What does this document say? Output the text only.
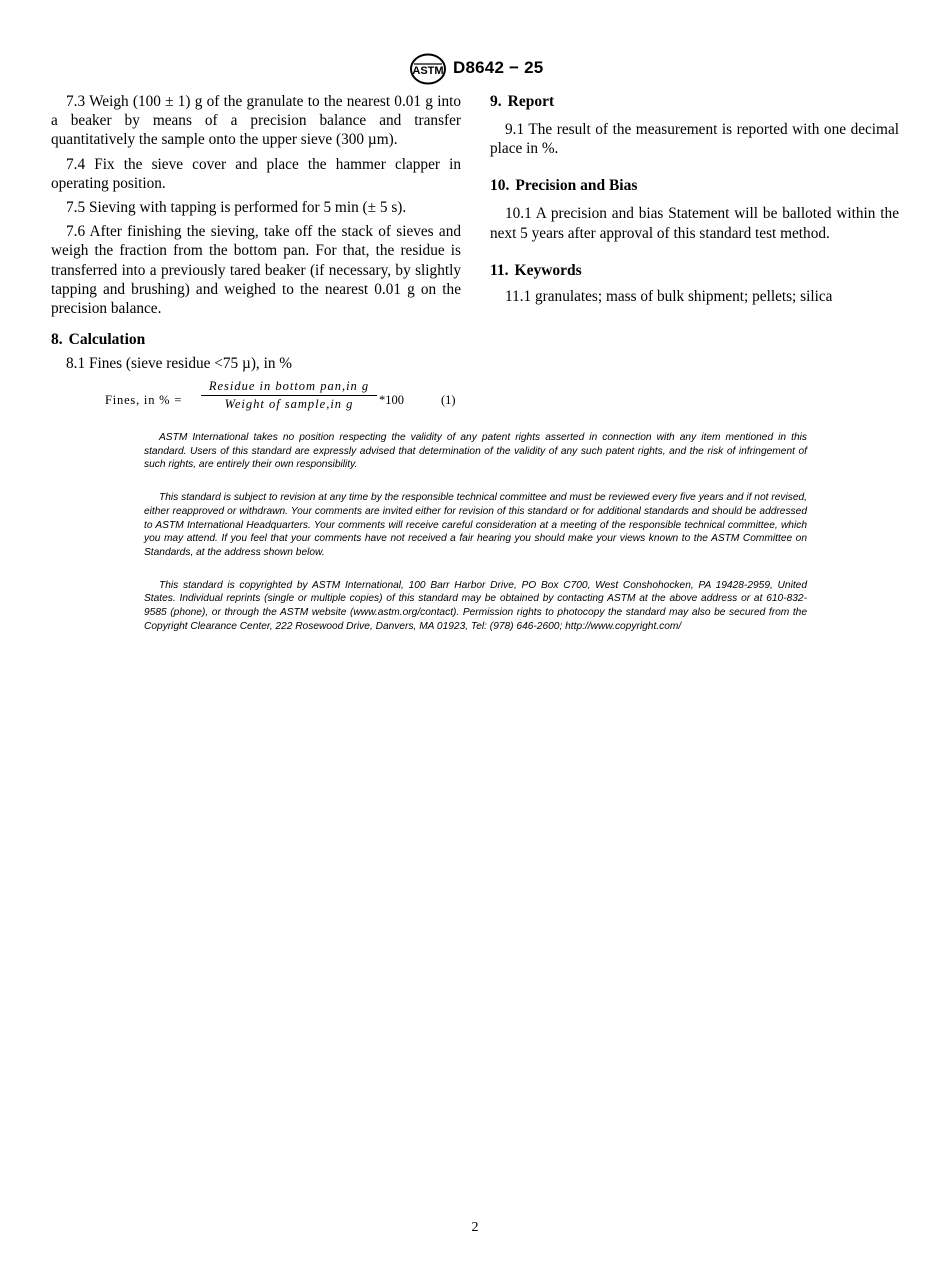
ASTM D8642 − 25

7.3 Weigh (100 ± 1) g of the granulate to the nearest 0.01 g into a beaker by means of a precision balance and transfer quantitatively the sample onto the upper sieve (300 µm).

7.4 Fix the sieve cover and place the hammer clapper in operating position.

7.5 Sieving with tapping is performed for 5 min (± 5 s).

7.6 After finishing the sieving, take off the stack of sieves and weigh the fraction from the bottom pan. For that, the residue is transferred into a previously tared beaker (if necessary, by slightly tapping and brushing) and weighed to the nearest 0.01 g on the precision balance.

8. Calculation

8.1 Fines (sieve residue <75 µ), in %

Fines, in % =
Residue in bottom pan,in g
Weight of sample,in g	*100	(1)
9. Report

9.1 The result of the measurement is reported with one decimal place in %.

10. Precision and Bias

10.1 A precision and bias Statement will be balloted within the next 5 years after approval of this standard test method.

11. Keywords

11.1 granulates; mass of bulk shipment; pellets; silica

ASTM International takes no position respecting the validity of any patent rights asserted in connection with any item mentioned in this standard. Users of this standard are expressly advised that determination of the validity of any such patent rights, and the risk of infringement of such rights, are entirely their own responsibility.

This standard is subject to revision at any time by the responsible technical committee and must be reviewed every five years and if not revised, either reapproved or withdrawn. Your comments are invited either for revision of this standard or for additional standards and should be addressed to ASTM International Headquarters. Your comments will receive careful consideration at a meeting of the responsible technical committee, which you may attend. If you feel that your comments have not received a fair hearing you should make your views known to the ASTM Committee on Standards, at the address shown below.

This standard is copyrighted by ASTM International, 100 Barr Harbor Drive, PO Box C700, West Conshohocken, PA 19428-2959, United States. Individual reprints (single or multiple copies) of this standard may be obtained by contacting ASTM at the above address or at 610-832-9585 (phone), or through the ASTM website (www.astm.org/contact). Permission rights to photocopy the standard may also be secured from the Copyright Clearance Center, 222 Rosewood Drive, Danvers, MA 01923, Tel: (978) 646-2600; http://www.copyright.com/

2
